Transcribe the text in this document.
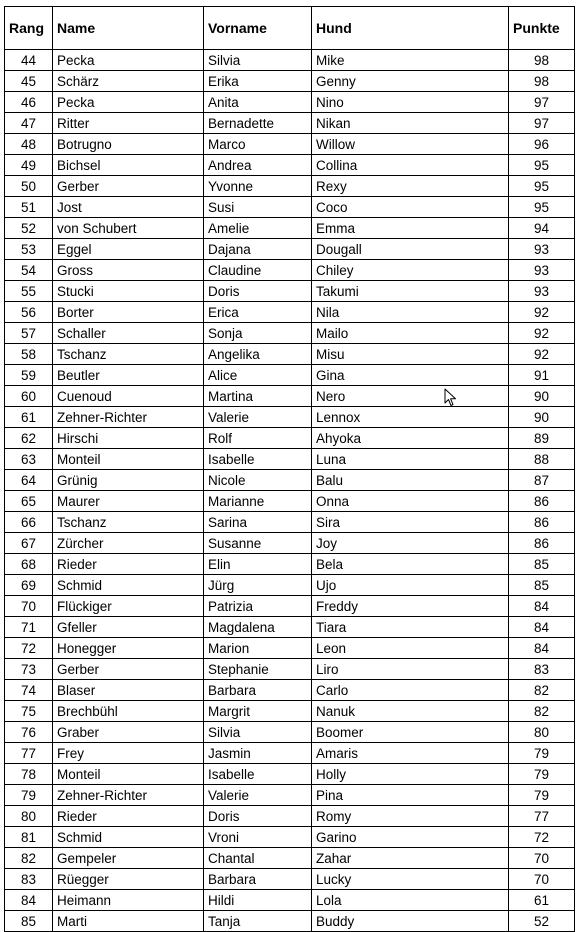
Rang	Name	Vorname	Hund	Punkte
44	Pecka	Silvia	Mike	98
45	Schärz	Erika	Genny	98
46	Pecka	Anita	Nino	97
47	Ritter	Bernadette	Nikan	97
48	Botrugno	Marco	Willow	96
49	Bichsel	Andrea	Collina	95
50	Gerber	Yvonne	Rexy	95
51	Jost	Susi	Coco	95
52	von Schubert	Amelie	Emma	94
53	Eggel	Dajana	Dougall	93
54	Gross	Claudine	Chiley	93
55	Stucki	Doris	Takumi	93
56	Borter	Erica	Nila	92
57	Schaller	Sonja	Mailo	92
58	Tschanz	Angelika	Misu	92
59	Beutler	Alice	Gina	91
60	Cuenoud	Martina	Nero	90
61	Zehner-Richter	Valerie	Lennox	90
62	Hirschi	Rolf	Ahyoka	89
63	Monteil	Isabelle	Luna	88
64	Grünig	Nicole	Balu	87
65	Maurer	Marianne	Onna	86
66	Tschanz	Sarina	Sira	86
67	Zürcher	Susanne	Joy	86
68	Rieder	Elin	Bela	85
69	Schmid	Jürg	Ujo	85
70	Flückiger	Patrizia	Freddy	84
71	Gfeller	Magdalena	Tiara	84
72	Honegger	Marion	Leon	84
73	Gerber	Stephanie	Liro	83
74	Blaser	Barbara	Carlo	82
75	Brechbühl	Margrit	Nanuk	82
76	Graber	Silvia	Boomer	80
77	Frey	Jasmin	Amaris	79
78	Monteil	Isabelle	Holly	79
79	Zehner-Richter	Valerie	Pina	79
80	Rieder	Doris	Romy	77
81	Schmid	Vroni	Garino	72
82	Gempeler	Chantal	Zahar	70
83	Rüegger	Barbara	Lucky	70
84	Heimann	Hildi	Lola	61
85	Marti	Tanja	Buddy	52
